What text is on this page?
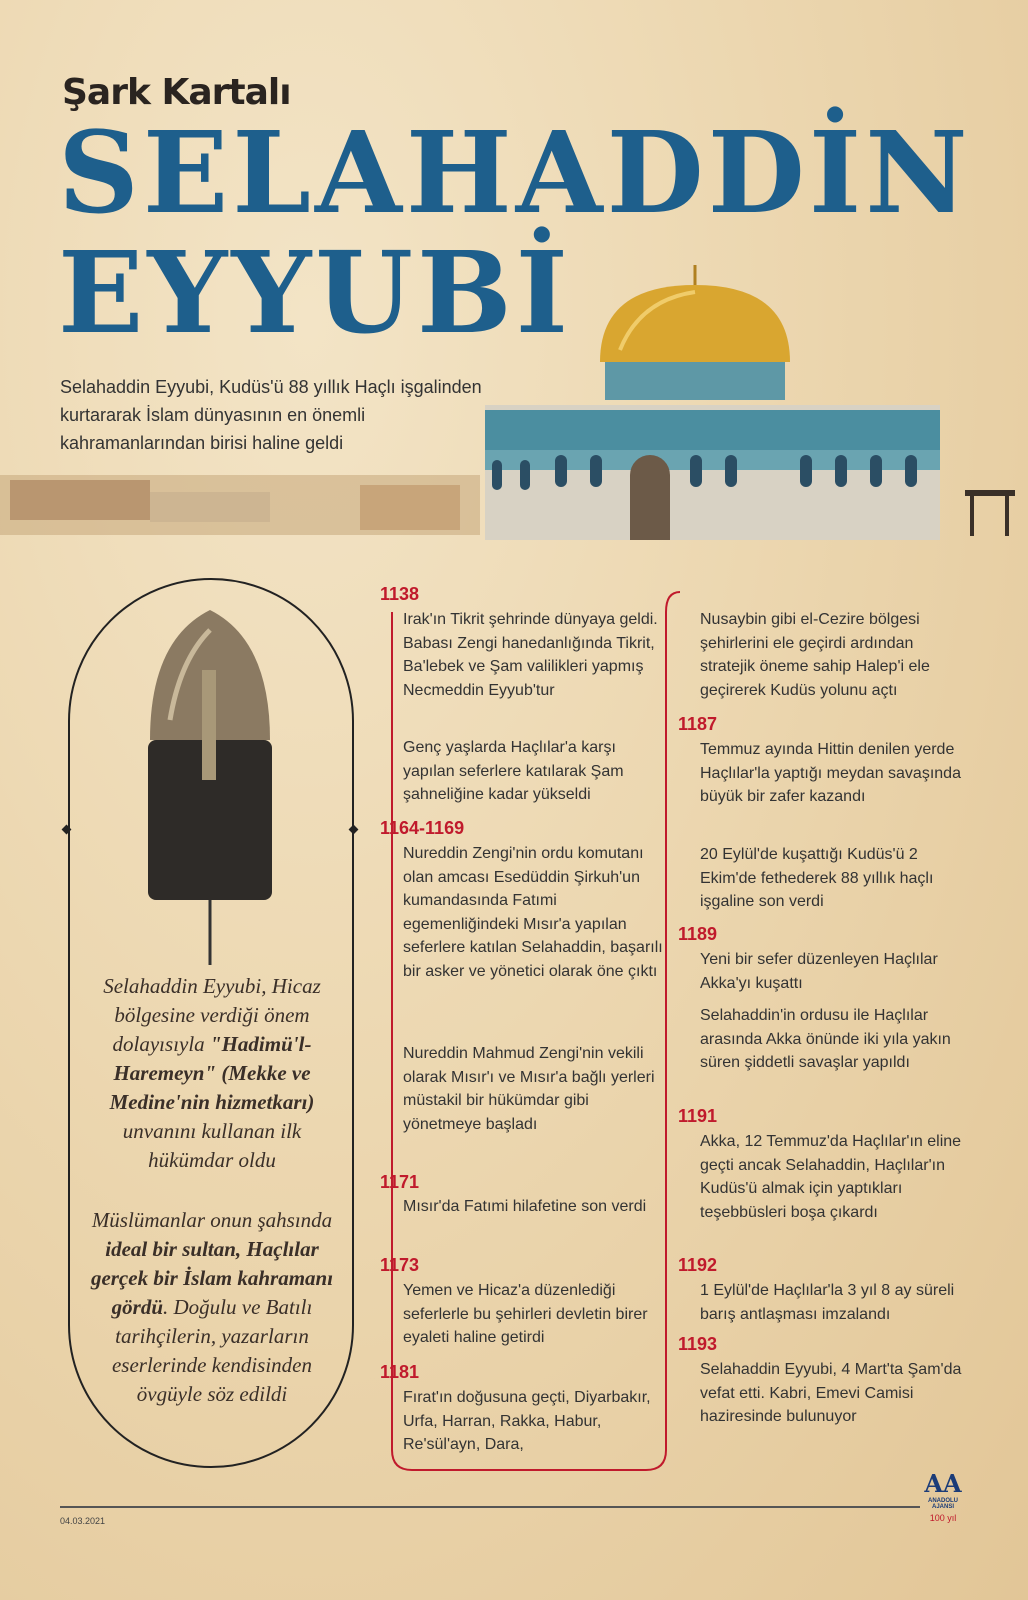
Şark Kartalı
SELAHADDİN
EYYUBİ
Selahaddin Eyyubi, Kudüs'ü 88 yıllık Haçlı işgalinden kurtararak İslam dünyasının en önemli kahramanlarından birisi haline geldi
Selahaddin Eyyubi, Hicaz bölgesine verdiği önem dolayısıyla "Hadimü'l-Haremeyn" (Mekke ve Medine'nin hizmetkarı) unvanını kullanan ilk hükümdar oldu
Müslümanlar onun şahsında ideal bir sultan, Haçlılar gerçek bir İslam kahramanı gördü. Doğulu ve Batılı tarihçilerin, yazarların eserlerinde kendisinden övgüyle söz edildi
1138
Irak'ın Tikrit şehrinde dünyaya geldi. Babası Zengi hanedanlığında Tikrit, Ba'lebek ve Şam valilikleri yapmış Necmeddin Eyyub'tur
Genç yaşlarda Haçlılar'a karşı yapılan seferlere katılarak Şam şahneliğine kadar yükseldi
1164-1169
Nureddin Zengi'nin ordu komutanı olan amcası Esedüddin Şirkuh'un kumandasında Fatımi egemenliğindeki Mısır'a yapılan seferlere katılan Selahaddin, başarılı bir asker ve yönetici olarak öne çıktı
Nureddin Mahmud Zengi'nin vekili olarak Mısır'ı ve Mısır'a bağlı yerleri müstakil bir hükümdar gibi yönetmeye başladı
1171
Mısır'da Fatımi hilafetine son verdi
1173
Yemen ve Hicaz'a düzenlediği seferlerle bu şehirleri devletin birer eyaleti haline getirdi
1181
Fırat'ın doğusuna geçti, Diyarbakır, Urfa, Harran, Rakka, Habur, Re'sül'ayn, Dara,
Nusaybin gibi el-Cezire bölgesi şehirlerini ele geçirdi ardından stratejik öneme sahip Halep'i ele geçirerek Kudüs yolunu açtı
1187
Temmuz ayında Hittin denilen yerde Haçlılar'la yaptığı meydan savaşında büyük bir zafer kazandı
20 Eylül'de kuşattığı Kudüs'ü 2 Ekim'de fethederek 88 yıllık haçlı işgaline son verdi
1189
Yeni bir sefer düzenleyen Haçlılar Akka'yı kuşattı
Selahaddin'in ordusu ile Haçlılar arasında Akka önünde iki yıla yakın süren şiddetli savaşlar yapıldı
1191
Akka, 12 Temmuz'da Haçlılar'ın eline geçti ancak Selahaddin, Haçlılar'ın Kudüs'ü almak için yaptıkları teşebbüsleri boşa çıkardı
1192
1 Eylül'de Haçlılar'la 3 yıl 8 ay süreli barış antlaşması imzalandı
1193
Selahaddin Eyyubi, 4 Mart'ta Şam'da vefat etti. Kabri, Emevi Camisi haziresinde bulunuyor
04.03.2021
AA
ANADOLU AJANSI
100 yıl
